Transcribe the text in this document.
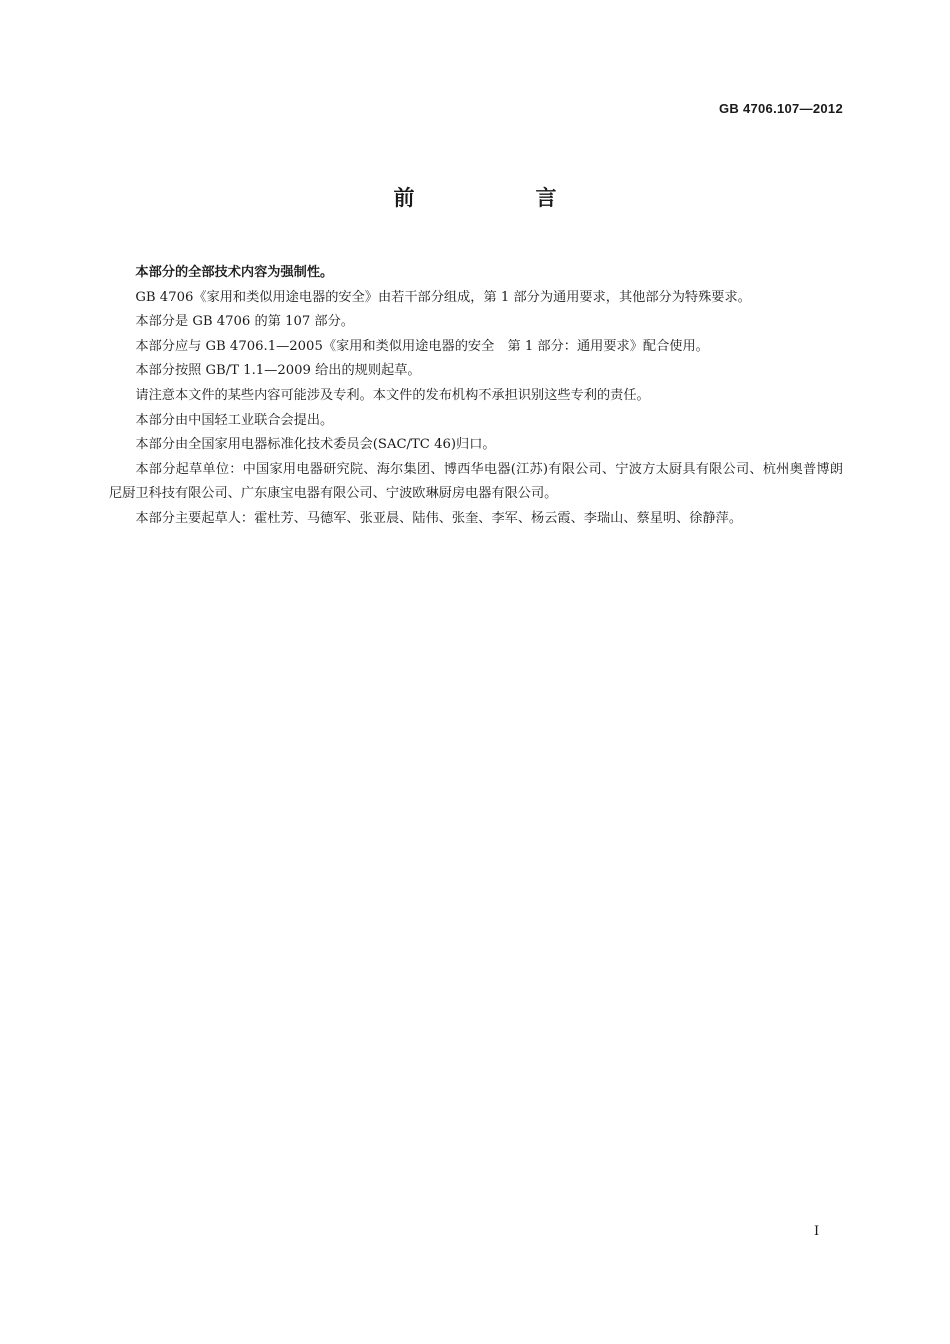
GB 4706.107—2012
前　言

本部分的全部技术内容为强制性。

GB 4706《家用和类似用途电器的安全》由若干部分组成，第 1 部分为通用要求，其他部分为特殊要求。

本部分是 GB 4706 的第 107 部分。

本部分应与 GB 4706.1—2005《家用和类似用途电器的安全　第 1 部分：通用要求》配合使用。

本部分按照 GB/T 1.1—2009 给出的规则起草。

请注意本文件的某些内容可能涉及专利。本文件的发布机构不承担识别这些专利的责任。

本部分由中国轻工业联合会提出。

本部分由全国家用电器标准化技术委员会(SAC/TC 46)归口。

本部分起草单位：中国家用电器研究院、海尔集团、博西华电器(江苏)有限公司、宁波方太厨具有限公司、杭州奥普博朗尼厨卫科技有限公司、广东康宝电器有限公司、宁波欧琳厨房电器有限公司。

本部分主要起草人：霍杜芳、马德军、张亚晨、陆伟、张奎、李军、杨云霞、李瑞山、蔡星明、徐静萍。

I
